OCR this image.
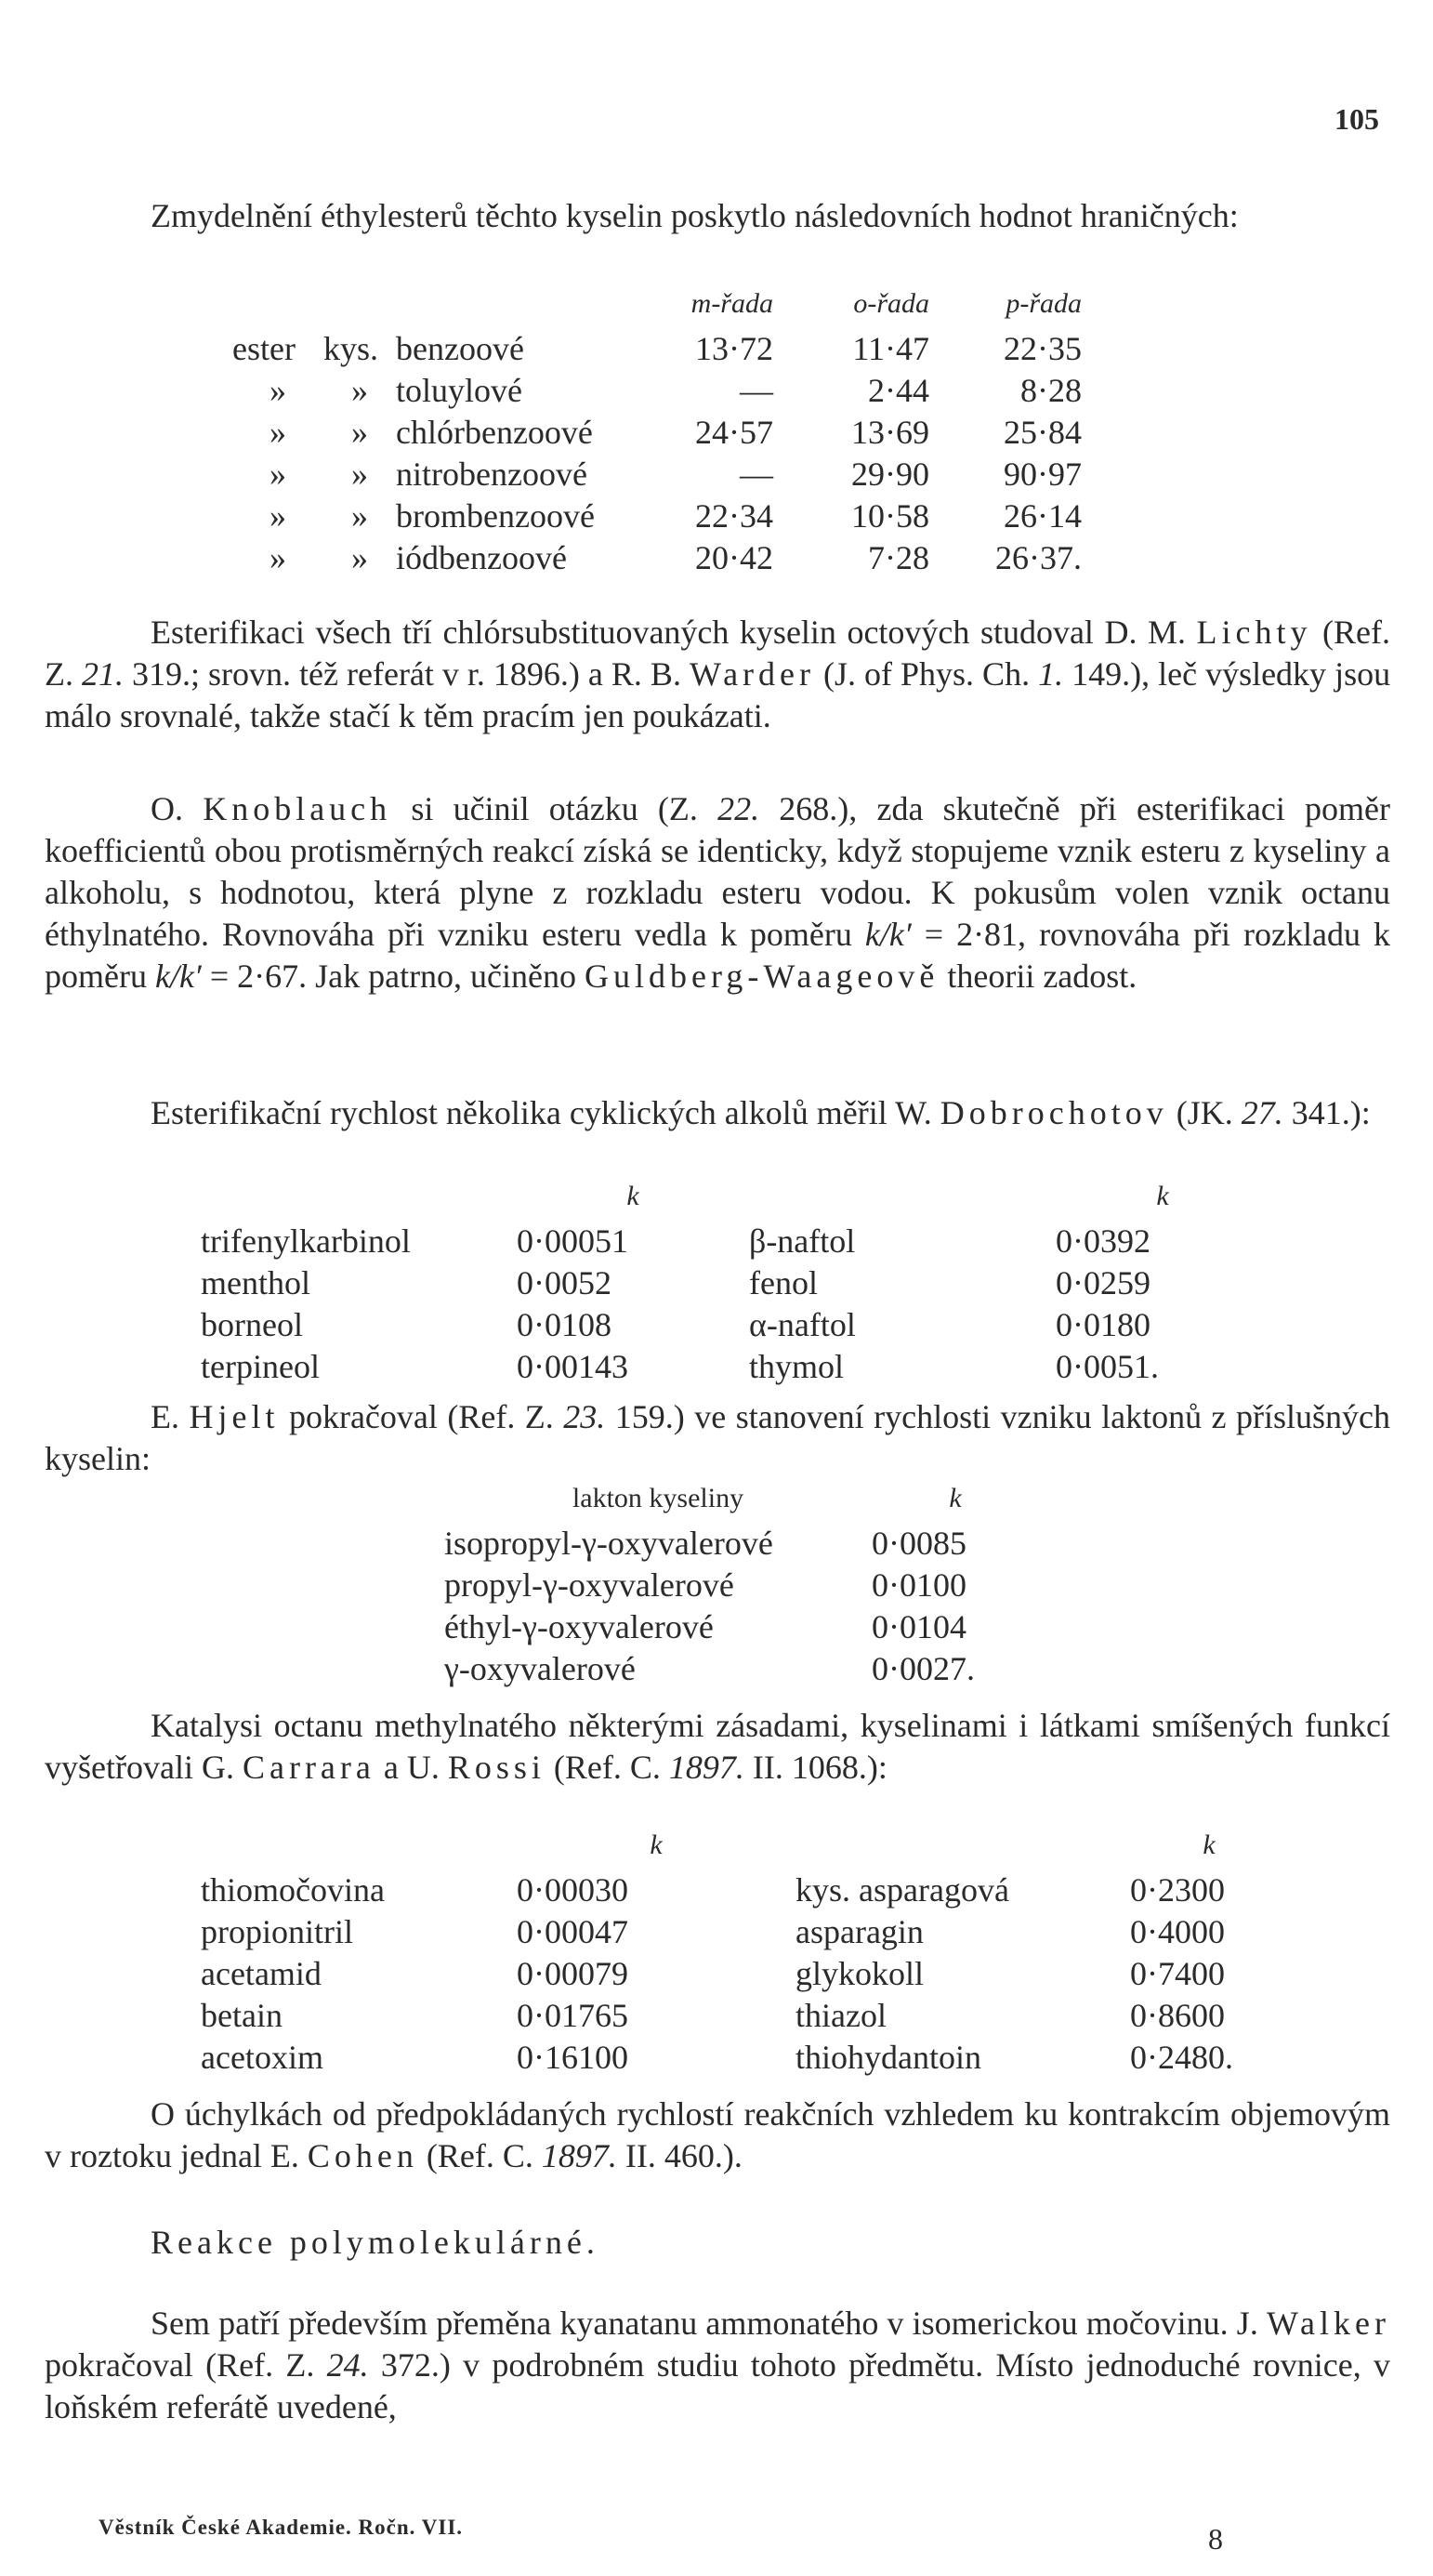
105

Zmydelnění éthylesterů těchto kyselin poskytlo následovních hodnot hraničných:

			m-řada	o-řada	p-řada
ester	kys.	benzoové	13·72	11·47	22·35
»	»	toluylové	—	2·44	8·28
»	»	chlórbenzoové	24·57	13·69	25·84
»	»	nitrobenzoové	—	29·90	90·97
»	»	brombenzoové	22·34	10·58	26·14
»	»	iódbenzoové	20·42	7·28	26·37.

Esterifikaci všech tří chlórsubstituovaných kyselin octových studoval D. M. Lichty (Ref. Z. 21. 319.; srovn. též referát v r. 1896.) a R. B. Warder (J. of Phys. Ch. 1. 149.), leč výsledky jsou málo srovnalé, takže stačí k těm pracím jen poukázati.

O. Knoblauch si učinil otázku (Z. 22. 268.), zda skutečně při esterifikaci poměr koefficientů obou protisměrných reakcí získá se identicky, když stopujeme vznik esteru z kyseliny a alkoholu, s hodnotou, která plyne z rozkladu esteru vodou. K pokusům volen vznik octanu éthylnatého. Rovnováha při vzniku esteru vedla k poměru k/k′ = 2·81, rovnováha při rozkladu k poměru k/k′ = 2·67. Jak patrno, učiněno Guldberg-Waageově theorii zadost.

Esterifikační rychlost několika cyklických alkolů měřil W. Dobrochotov (JK. 27. 341.):

	k		k
trifenylkarbinol	0·00051	β-naftol	0·0392
menthol	0·0052	fenol	0·0259
borneol	0·0108	α-naftol	0·0180
terpineol	0·00143	thymol	0·0051.

E. Hjelt pokračoval (Ref. Z. 23. 159.) ve stanovení rychlosti vzniku laktonů z příslušných kyselin:

lakton kyseliny	k
isopropyl-γ-oxyvalerové	0·0085
propyl-γ-oxyvalerové	0·0100
éthyl-γ-oxyvalerové	0·0104
γ-oxyvalerové	0·0027.

Katalysi octanu methylnatého některými zásadami, kyselinami i látkami smíšených funkcí vyšetřovali G. Carrara a U. Rossi (Ref. C. 1897. II. 1068.):

	k		k
thiomočovina	0·00030	kys. asparagová	0·2300
propionitril	0·00047	asparagin	0·4000
acetamid	0·00079	glykokoll	0·7400
betain	0·01765	thiazol	0·8600
acetoxim	0·16100	thiohydantoin	0·2480.

O úchylkách od předpokládaných rychlostí reakčních vzhledem ku kontrakcím objemovým v roztoku jednal E. Cohen (Ref. C. 1897. II. 460.).

Reakce polymolekulárné.

Sem patří především přeměna kyanatanu ammonatého v isomerickou močovinu. J. Walker pokračoval (Ref. Z. 24. 372.) v podrobném studiu tohoto předmětu. Místo jednoduché rovnice, v loňském referátě uvedené,

Věstník České Akademie. Ročn. VII.	8
